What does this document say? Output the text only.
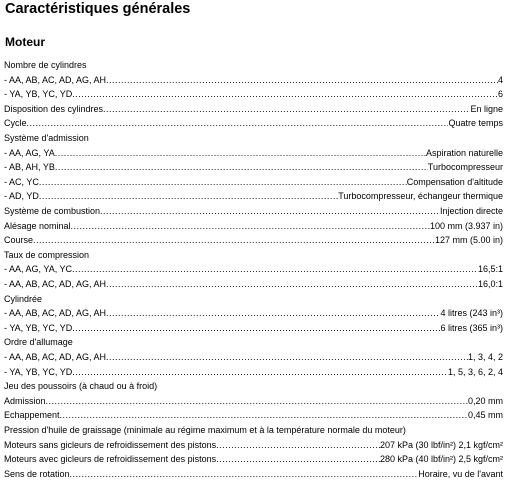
Caractéristiques générales
Moteur
Nombre de cylindres
- AA, AB, AC, AD, AG, AH .....	4
- YA, YB, YC, YD .....	6
Disposition des cylindres .....	En ligne
Cycle .....	Quatre temps
Système d'admission
- AA, AG, YA .....	Aspiration naturelle
- AB, AH, YB .....	Turbocompresseur
- AC, YC .....	Compensation d'altitude
- AD, YD .....	Turbocompresseur, échangeur thermique
Système de combustion .....	Injection directe
Alésage nominal .....	100 mm (3.937 in)
Course .....	127 mm (5.00 in)
Taux de compression
- AA, AG, YA, YC .....	16,5:1
- AA, AB, AC, AD, AG, AH .....	16,0:1
Cylindrée
- AA, AB, AC, AD, AG, AH .....	4 litres (243 in³)
- YA, YB, YC, YD .....	6 litres (365 in³)
Ordre d'allumage
- AA, AB, AC, AD, AG, AH .....	1, 3, 4, 2
- YA, YB, YC, YD .....	1, 5, 3, 6, 2, 4
Jeu des poussoirs (à chaud ou à froid)
Admission .....	0,20 mm
Echappement .....	0,45 mm
Pression d'huile de graissage (minimale au régime maximum et à la température normale du moteur)
Moteurs sans gicleurs de refroidissement des pistons .....	207 kPa (30 lbf/in²) 2,1 kgf/cm²
Moteurs avec gicleurs de refroidissement des pistons .....	280 kPa (40 lbf/in²) 2,5 kgf/cm²
Sens de rotation .....	Horaire, vu de l'avant
